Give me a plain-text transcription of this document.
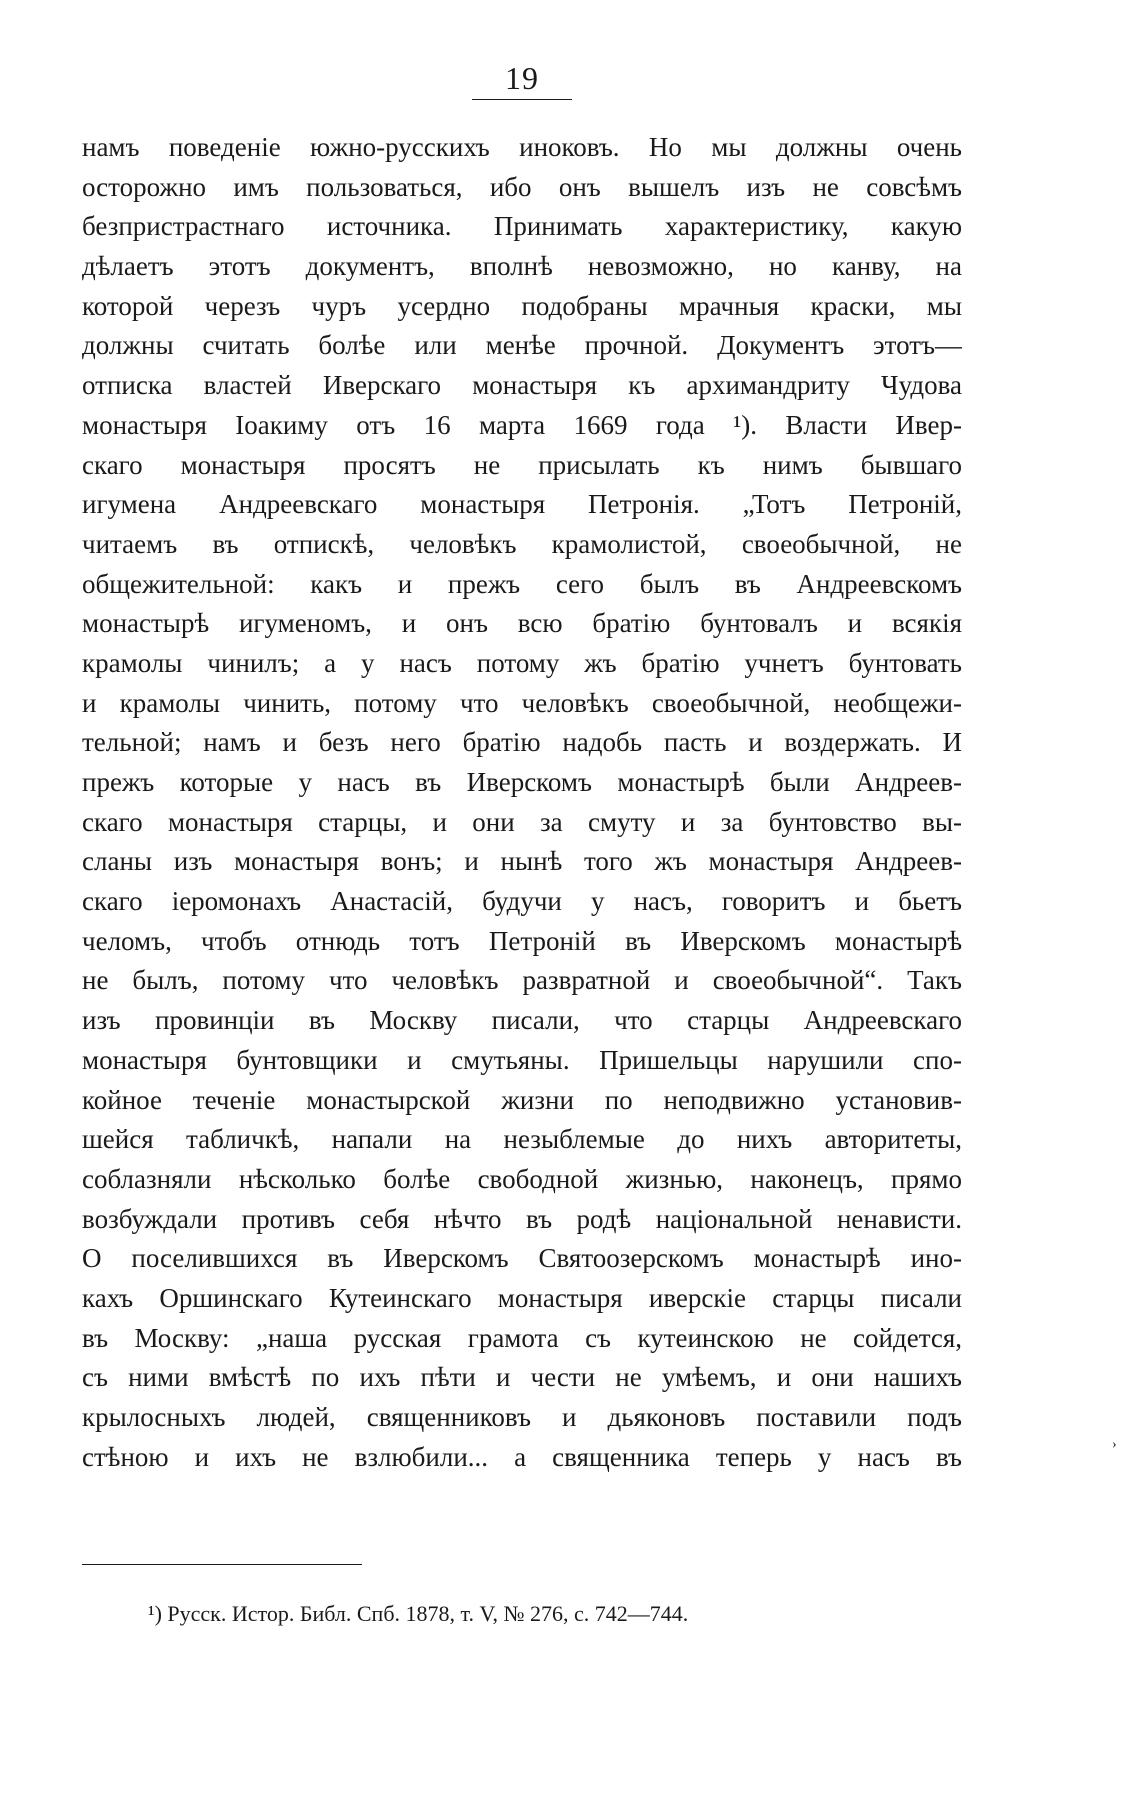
19
намъ поведеніе южно-русскихъ иноковъ. Но мы должны очень
осторожно имъ пользоваться, ибо онъ вышелъ изъ не совсѣмъ
безпристрастнаго источника. Принимать характеристику, какую
дѣлаетъ этотъ документъ, вполнѣ невозможно, но канву, на
которой черезъ чуръ усердно подобраны мрачныя краски, мы
должны считать болѣе или менѣе прочной. Документъ этотъ—
отписка властей Иверскаго монастыря къ архимандриту Чудова
монастыря Іоакиму отъ 16 марта 1669 года ¹). Власти Ивер-
скаго монастыря просятъ не присылать къ нимъ бывшаго
игумена Андреевскаго монастыря Петронія. „Тотъ Петроній,
читаемъ въ отпискѣ, человѣкъ крамолистой, своеобычной, не
общежительной: какъ и прежъ сего былъ въ Андреевскомъ
монастырѣ игуменомъ, и онъ всю братію бунтовалъ и всякія
крамолы чинилъ; а у насъ потому жъ братію учнетъ бунтовать
и крамолы чинить, потому что человѣкъ своеобычной, необщежи-
тельной; намъ и безъ него братію надобь пасть и воздержать. И
прежъ которые у насъ въ Иверскомъ монастырѣ были Андреев-
скаго монастыря старцы, и они за смуту и за бунтовство вы-
сланы изъ монастыря вонъ; и нынѣ того жъ монастыря Андреев-
скаго іеромонахъ Анастасій, будучи у насъ, говоритъ и бьетъ
челомъ, чтобъ отнюдь тотъ Петроній въ Иверскомъ монастырѣ
не былъ, потому что человѣкъ развратной и своеобычной“. Такъ
изъ провинціи въ Москву писали, что старцы Андреевскаго
монастыря бунтовщики и смутьяны. Пришельцы нарушили спо-
койное теченіе монастырской жизни по неподвижно установив-
шейся табличкѣ, напали на незыблемые до нихъ авторитеты,
соблазняли нѣсколько болѣе свободной жизнью, наконецъ, прямо
возбуждали противъ себя нѣчто въ родѣ національной ненависти.
О поселившихся въ Иверскомъ Святоозерскомъ монастырѣ ино-
кахъ Оршинскаго Кутеинскаго монастыря иверскіе старцы писали
въ Москву: „наша русская грамота съ кутеинскою не сойдется,
съ ними вмѣстѣ по ихъ пѣти и чести не умѣемъ, и они нашихъ
крылосныхъ людей, священниковъ и дьяконовъ поставили подъ
стѣною и ихъ не взлюбили... а священника теперь у насъ въ
¹) Русск. Истор. Библ. Спб. 1878, т. V, № 276, с. 742—744.
›
